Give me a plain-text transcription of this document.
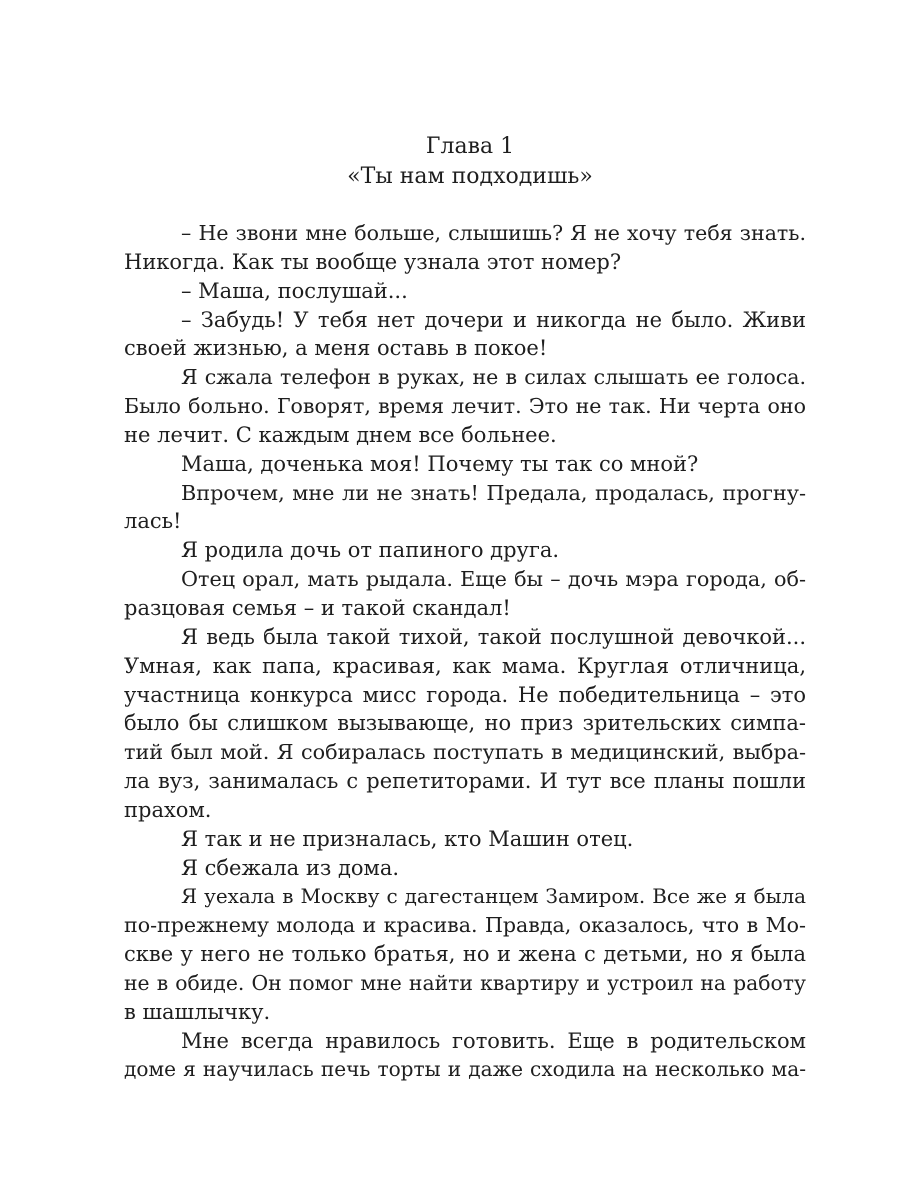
Глава 1
«Ты нам подходишь»
– Не звони мне больше, слышишь? Я не хочу тебя знать.
Никогда. Как ты вообще узнала этот номер?
– Маша, послушай...
– Забудь! У тебя нет дочери и никогда не было. Живи
своей жизнью, а меня оставь в покое!
Я сжала телефон в руках, не в силах слышать ее голоса.
Было больно. Говорят, время лечит. Это не так. Ни черта оно
не лечит. С каждым днем все больнее.
Маша, доченька моя! Почему ты так со мной?
Впрочем, мне ли не знать! Предала, продалась, прогну-
лась!
Я родила дочь от папиного друга.
Отец орал, мать рыдала. Еще бы – дочь мэра города, об-
разцовая семья – и такой скандал!
Я ведь была такой тихой, такой послушной девочкой...
Умная, как папа, красивая, как мама. Круглая отличница,
участница конкурса мисс города. Не победительница – это
было бы слишком вызывающе, но приз зрительских симпа-
тий был мой. Я собиралась поступать в медицинский, выбра-
ла вуз, занималась с репетиторами. И тут все планы пошли
прахом.
Я так и не призналась, кто Машин отец.
Я сбежала из дома.
Я уехала в Москву с дагестанцем Замиром. Все же я была
по-прежнему молода и красива. Правда, оказалось, что в Мо-
скве у него не только братья, но и жена с детьми, но я была
не в обиде. Он помог мне найти квартиру и устроил на работу
в шашлычку.
Мне всегда нравилось готовить. Еще в родительском
доме я научилась печь торты и даже сходила на несколько ма-
